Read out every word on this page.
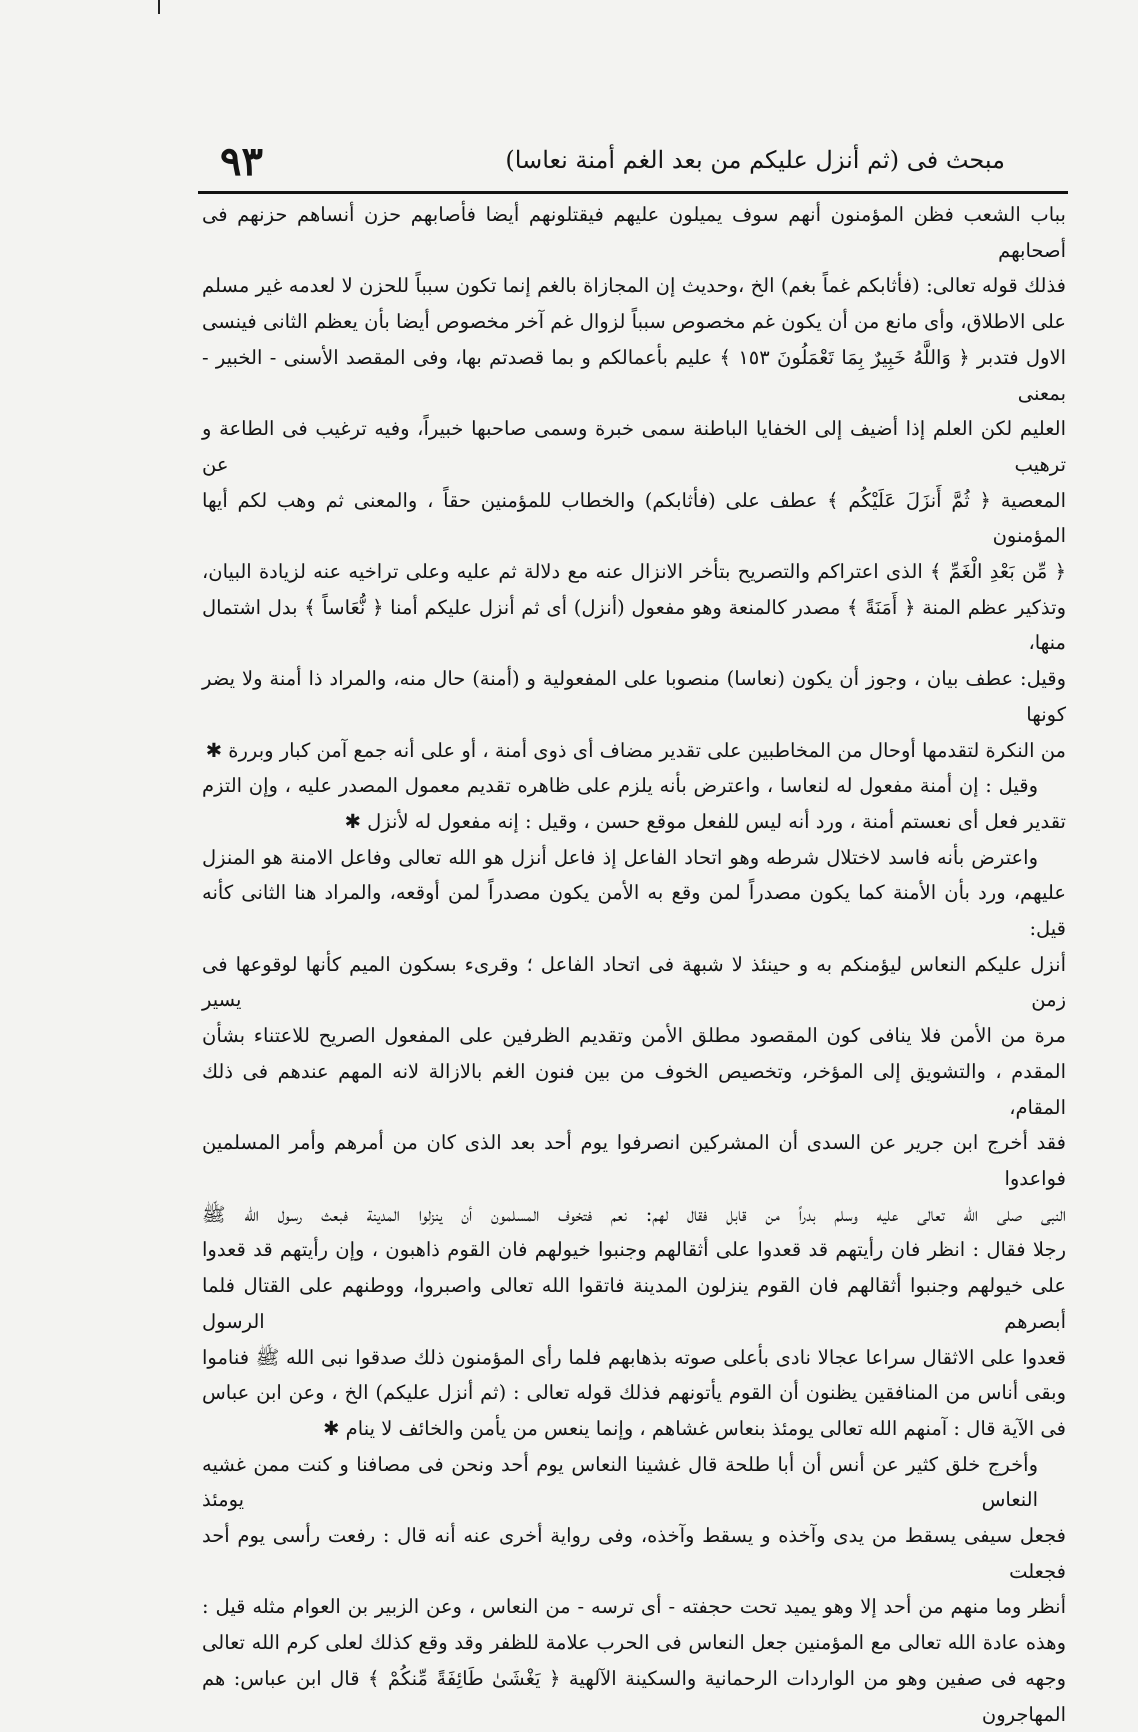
مبحث فى (ثم أنزل عليكم من بعد الغم أمنة نعاسا)
٩٣

بباب الشعب فظن المؤمنون أنهم سوف يميلون عليهم فيقتلونهم أيضا فأصابهم حزن أنساهم حزنهم فى أصحابهم

فذلك قوله تعالى: (فأثابكم غماً بغم) الخ ،وحديث إن المجازاة بالغم إنما تكون سبباً للحزن لا لعدمه غير مسلم

على الاطلاق، وأى مانع من أن يكون غم مخصوص سبباً لزوال غم آخر مخصوص أيضا بأن يعظم الثانى فينسى

الاول فتدبر ﴿ وَاللَّهُ خَبِيرٌ بِمَا تَعْمَلُونَ ١٥٣ ﴾ عليم بأعمالكم و بما قصدتم بها، وفى المقصد الأسنى - الخبير - بمعنى

العليم لكن العلم إذا أضيف إلى الخفايا الباطنة سمى خبرة وسمى صاحبها خبيراً، وفيه ترغيب فى الطاعة و ترهيب عن

المعصية ﴿ ثُمَّ أَنزَلَ عَلَيْكُم ﴾ عطف على (فأثابكم) والخطاب للمؤمنين حقاً ، والمعنى ثم وهب لكم أيها المؤمنون

﴿ مِّن بَعْدِ الْغَمِّ ﴾ الذى اعتراكم والتصريح بتأخر الانزال عنه مع دلالة ثم عليه وعلى تراخيه عنه لزيادة البيان،

وتذكير عظم المنة ﴿ أَمَنَةً ﴾ مصدر كالمنعة وهو مفعول (أنزل) أى ثم أنزل عليكم أمنا ﴿ نُّعَاساً ﴾ بدل اشتمال منها،

وقيل: عطف بيان ، وجوز أن يكون (نعاسا) منصوبا على المفعولية و (أمنة) حال منه، والمراد ذا أمنة ولا يضر كونها

من النكرة لتقدمها أوحال من المخاطبين على تقدير مضاف أى ذوى أمنة ، أو على أنه جمع آمن كبار وبررة ✱

وقيل : إن أمنة مفعول له لنعاسا ، واعترض بأنه يلزم على ظاهره تقديم معمول المصدر عليه ، وإن التزم

تقدير فعل أى نعستم أمنة ، ورد أنه ليس للفعل موقع حسن ، وقيل : إنه مفعول له لأنزل ✱

واعترض بأنه فاسد لاختلال شرطه وهو اتحاد الفاعل إذ فاعل أنزل هو الله تعالى وفاعل الامنة هو المنزل

عليهم، ورد بأن الأمنة كما يكون مصدراً لمن وقع به الأمن يكون مصدراً لمن أوقعه، والمراد هنا الثانى كأنه قيل:

أنزل عليكم النعاس ليؤمنكم به و حينئذ لا شبهة فى اتحاد الفاعل ؛ وقرىء بسكون الميم كأنها لوقوعها فى زمن يسير

مرة من الأمن فلا ينافى كون المقصود مطلق الأمن وتقديم الظرفين على المفعول الصريح للاعتناء بشأن

المقدم ، والتشويق إلى المؤخر، وتخصيص الخوف من بين فنون الغم بالازالة لانه المهم عندهم فى ذلك المقام،

فقد أخرج ابن جرير عن السدى أن المشركين انصرفوا يوم أحد بعد الذى كان من أمرهم وأمر المسلمين فواعدوا

النبى صلى الله تعالى عليه وسلم بدراً من قابل فقال لهم: نعم فتخوف المسلمون أن ينزلوا المدينة فبعث رسول الله ﷺ

رجلا فقال : انظر فان رأيتهم قد قعدوا على أثقالهم وجنبوا خيولهم فان القوم ذاهبون ، وإن رأيتهم قد قعدوا

على خيولهم وجنبوا أثقالهم فان القوم ينزلون المدينة فاتقوا الله تعالى واصبروا، ووطنهم على القتال فلما أبصرهم الرسول

قعدوا على الاثقال سراعا عجالا نادى بأعلى صوته بذهابهم فلما رأى المؤمنون ذلك صدقوا نبى الله ﷺ فناموا

وبقى أناس من المنافقين يظنون أن القوم يأتونهم فذلك قوله تعالى : (ثم أنزل عليكم) الخ ، وعن ابن عباس

فى الآية قال : آمنهم الله تعالى يومئذ بنعاس غشاهم ، وإنما ينعس من يأمن والخائف لا ينام ✱

وأخرج خلق كثير عن أنس أن أبا طلحة قال غشينا النعاس يوم أحد ونحن فى مصافنا و كنت ممن غشيه النعاس يومئذ

فجعل سيفى يسقط من يدى وآخذه و يسقط وآخذه، وفى رواية أخرى عنه أنه قال : رفعت رأسى يوم أحد فجعلت

أنظر وما منهم من أحد إلا وهو يميد تحت حجفته - أى ترسه - من النعاس ، وعن الزبير بن العوام مثله قيل :

وهذه عادة الله تعالى مع المؤمنين جعل النعاس فى الحرب علامة للظفر وقد وقع كذلك لعلى كرم الله تعالى

وجهه فى صفين وهو من الواردات الرحمانية والسكينة الآلهية ﴿ يَغْشَىٰ طَائِفَةً مِّنكُمْ ﴾ قال ابن عباس: هم المهاجرون
